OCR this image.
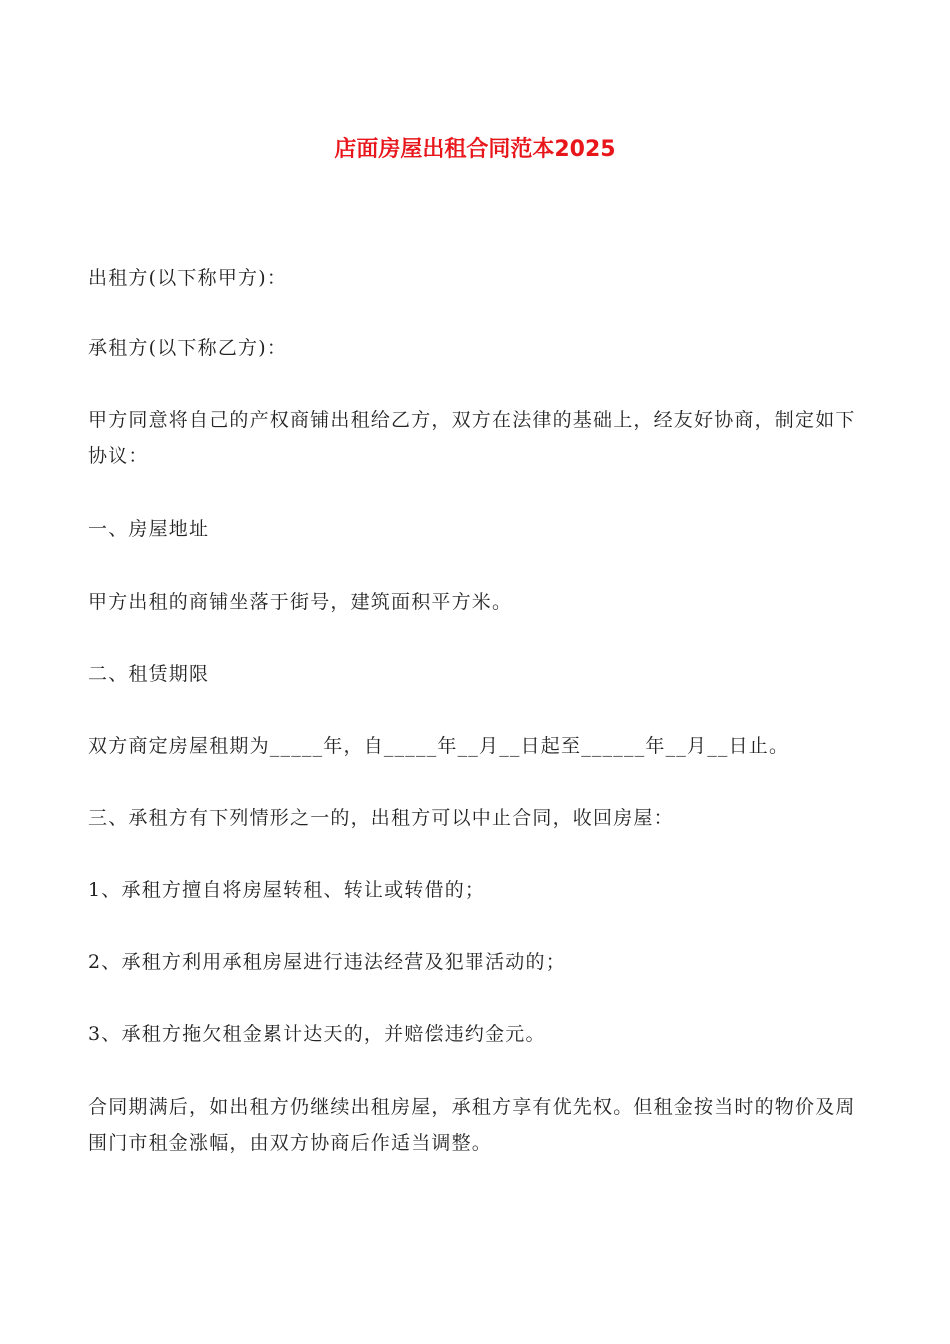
店面房屋出租合同范本2025

出租方(以下称甲方)：

承租方(以下称乙方)：

甲方同意将自己的产权商铺出租给乙方，双方在法律的基础上，经友好协商，制定如下协议：

一、房屋地址

甲方出租的商铺坐落于街号，建筑面积平方米。

二、租赁期限

双方商定房屋租期为_____年，自_____年__月__日起至______年__月__日止。

三、承租方有下列情形之一的，出租方可以中止合同，收回房屋：

1、承租方擅自将房屋转租、转让或转借的；

2、承租方利用承租房屋进行违法经营及犯罪活动的；

3、承租方拖欠租金累计达天的，并赔偿违约金元。

合同期满后，如出租方仍继续出租房屋，承租方享有优先权。但租金按当时的物价及周围门市租金涨幅，由双方协商后作适当调整。
